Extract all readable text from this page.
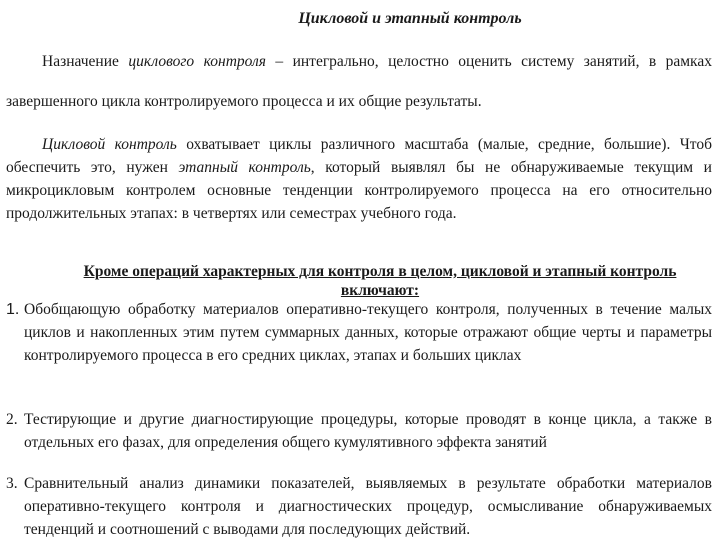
Цикловой и этапный контроль
Назначение циклового контроля – интегрально, целостно оценить систему занятий, в рамках завершенного цикла контролируемого процесса и их общие результаты.
Цикловой контроль охватывает циклы различного масштаба (малые, средние, большие). Чтоб обеспечить это, нужен этапный контроль, который выявлял бы не обнаруживаемые текущим и микроцикловым контролем основные тенденции контролируемого процесса на его относительно продолжительных этапах: в четвертях или семестрах учебного года.
Кроме операций характерных для контроля в целом, цикловой и этапный контроль включают:
1. Обобщающую обработку материалов оперативно-текущего контроля, полученных в течение малых циклов и накопленных этим путем суммарных данных, которые отражают общие черты и параметры контролируемого процесса в его средних циклах, этапах и больших циклах
2. Тестирующие и другие диагностирующие процедуры, которые проводят в конце цикла, а также в отдельных его фазах, для определения общего кумулятивного эффекта занятий
3. Сравнительный анализ динамики показателей, выявляемых в результате обработки материалов оперативно-текущего контроля и диагностических процедур, осмысливание обнаруживаемых тенденций и соотношений с выводами для последующих действий.
